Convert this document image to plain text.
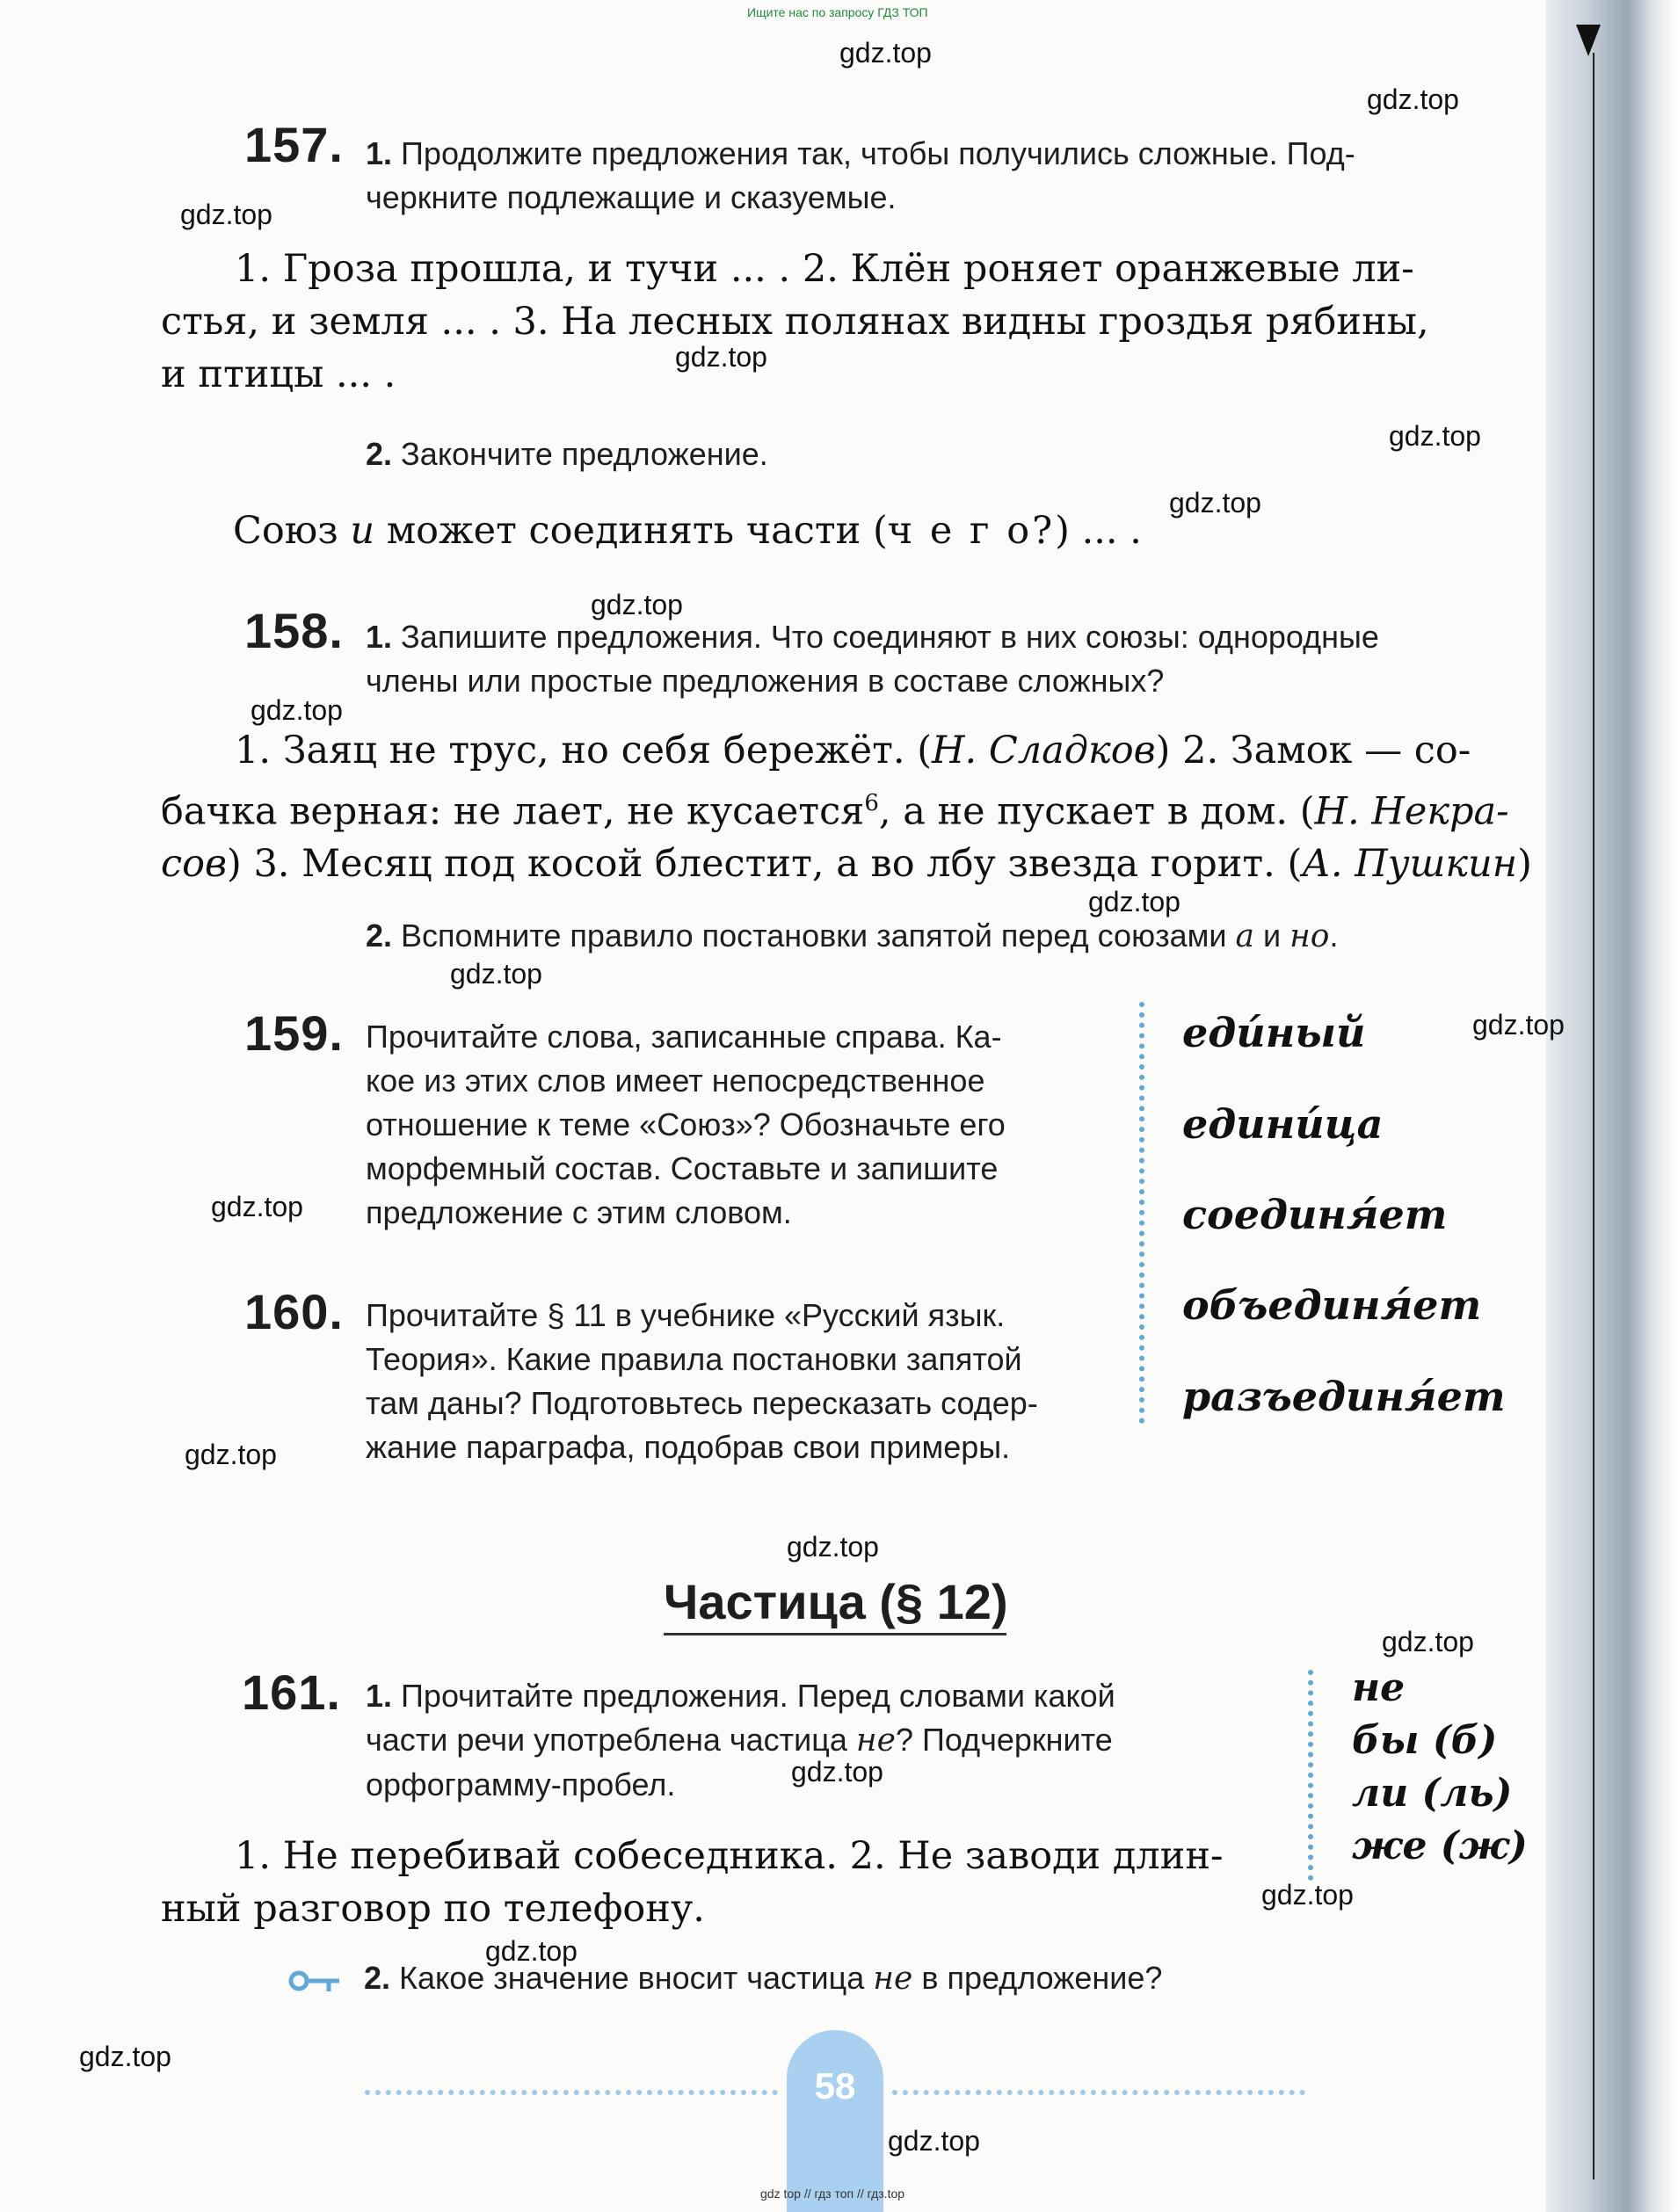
Ищите нас по запросу ГДЗ ТОП
gdz.top
gdz.top
gdz.top
gdz.top
gdz.top
gdz.top
gdz.top
gdz.top
gdz.top
gdz.top
gdz.top
gdz.top
gdz.top
gdz.top
gdz.top
gdz.top
gdz.top
gdz.top
gdz.top
gdz.top
157. 1. Продолжите предложения так, чтобы получились сложные. Под-
черкните подлежащие и сказуемые.
1. Гроза прошла, и тучи ... . 2. Клён роняет оранжевые ли-
стья, и земля ... . 3. На лесных полянах видны гроздья рябины,
и птицы ... .
2. Закончите предложение.
Союз и может соединять части (ч е г о?) ... .
158. 1. Запишите предложения. Что соединяют в них союзы: однородные
члены или простые предложения в составе сложных?
1. Заяц не трус, но себя бережёт. (Н. Сладков) 2. Замок — со-
бачка верная: не лает, не кусается$^6$, а не пускает в дом. (Н. Некра-
сов) 3. Месяц под косой блестит, а во лбу звезда горит. (А. Пушкин)
2. Вспомните правило постановки запятой перед союзами а и но.
159. Прочитайте слова, записанные справа. Ка-
кое из этих слов имеет непосредственное
отношение к теме «Союз»? Обозначьте его
морфемный состав. Составьте и запишите
предложение с этим словом.
160. Прочитайте § 11 в учебнике «Русский язык.
Теория». Какие правила постановки запятой
там даны? Подготовьтесь пересказать содер-
жание параграфа, подобрав свои примеры.
еди́ный
едини́ца
соединя́ет
объединя́ет
разъединя́ет
Частица (§ 12)
161. 1. Прочитайте предложения. Перед словами какой
части речи употреблена частица не? Подчеркните
орфограмму-пробел.
1. Не перебивай собеседника. 2. Не заводи длин-
ный разговор по телефону.
2. Какое значение вносит частица не в предложение?
не
бы (б)
ли (ль)
же (ж)
58
gdz top // гдз топ // гдз.top
